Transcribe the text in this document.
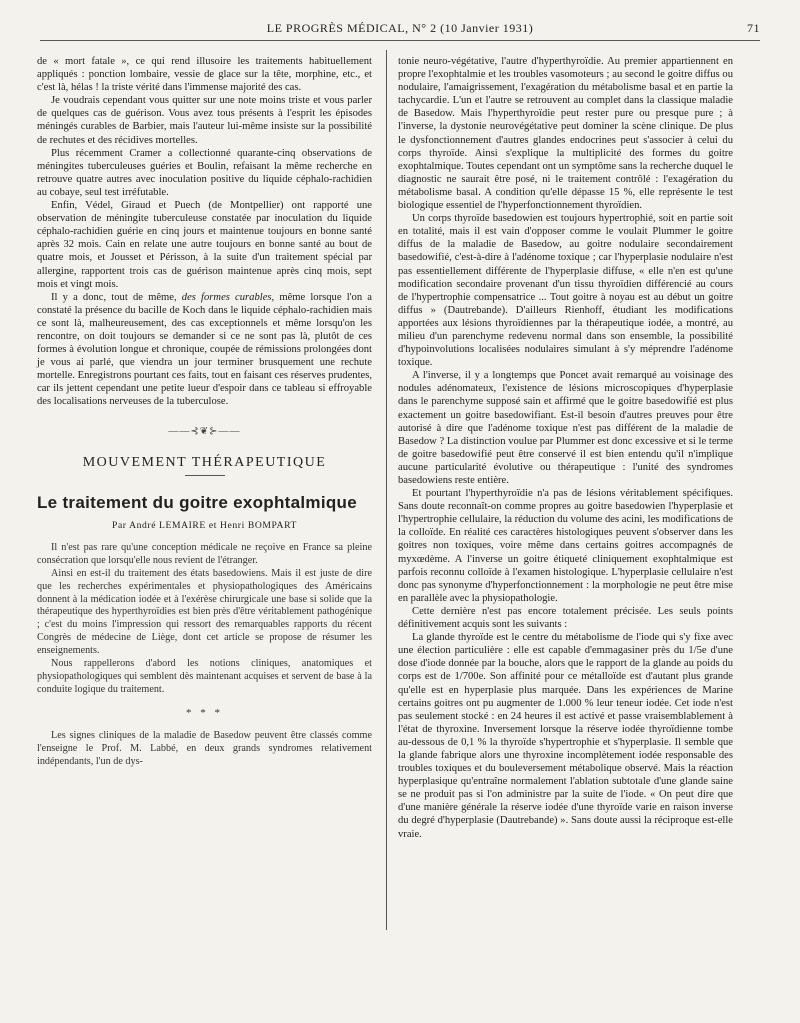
LE PROGRÈS MÉDICAL, N° 2 (10 Janvier 1931)	71

de « mort fatale », ce qui rend illusoire les traitements habituellement appliqués : ponction lombaire, vessie de glace sur la tête, morphine, etc., et c'est là, hélas ! la triste vérité dans l'immense majorité des cas.

Je voudrais cependant vous quitter sur une note moins triste et vous parler de quelques cas de guérison. Vous avez tous présents à l'esprit les épisodes méningés curables de Barbier, mais l'auteur lui-même insiste sur la possibilité de rechutes et des récidives mortelles.

Plus récemment Cramer a collectionné quarante-cinq observations de méningites tuberculeuses guéries et Boulin, refaisant la même recherche en retrouve quatre autres avec inoculation positive du liquide céphalo-rachidien au cobaye, seul test irréfutable.

Enfin, Védel, Giraud et Puech (de Montpellier) ont rapporté une observation de méningite tuberculeuse constatée par inoculation du liquide céphalo-rachidien guérie en cinq jours et maintenue toujours en bonne santé après 32 mois. Cain en relate une autre toujours en bonne santé au bout de quatre mois, et Jousset et Périsson, à la suite d'un traitement spécial par allergine, rapportent trois cas de guérison maintenue après cinq mois, sept mois et vingt mois.

Il y a donc, tout de même, des formes curables, même lorsque l'on a constaté la présence du bacille de Koch dans le liquide céphalo-rachidien mais ce sont là, malheureusement, des cas exceptionnels et même lorsqu'on les rencontre, on doit toujours se demander si ce ne sont pas là, plutôt de ces formes à évolution longue et chronique, coupée de rémissions prolongées dont je vous ai parlé, que viendra un jour terminer brusquement une rechute mortelle. Enregistrons pourtant ces faits, tout en faisant ces réserves prudentes, car ils jettent cependant une petite lueur d'espoir dans ce tableau si effroyable des localisations nerveuses de la tuberculose.

——⊰❦⊱——
MOUVEMENT THÉRAPEUTIQUE
Le traitement du goitre exophtalmique
Par André LEMAIRE et Henri BOMPART

Il n'est pas rare qu'une conception médicale ne reçoive en France sa pleine consécration que lorsqu'elle nous revient de l'étranger.

Ainsi en est-il du traitement des états basedowiens. Mais il est juste de dire que les recherches expérimentales et physiopathologiques des Américains donnent à la médication iodée et à l'exérèse chirurgicale une base si solide que la thérapeutique des hyperthyroïdies est bien près d'être véritablement pathogénique ; c'est du moins l'impression qui ressort des remarquables rapports du récent Congrès de médecine de Liège, dont cet article se propose de résumer les enseignements.

Nous rappellerons d'abord les notions cliniques, anatomiques et physiopathologiques qui semblent dès maintenant acquises et servent de base à la conduite logique du traitement.

* * *

Les signes cliniques de la maladie de Basedow peuvent être classés comme l'enseigne le Prof. M. Labbé, en deux grands syndromes relativement indépendants, l'un de dys-

tonie neuro-végétative, l'autre d'hyperthyroïdie. Au premier appartiennent en propre l'exophtalmie et les troubles vasomoteurs ; au second le goitre diffus ou nodulaire, l'amaigrissement, l'exagération du métabolisme basal et en partie la tachycardie. L'un et l'autre se retrouvent au complet dans la classique maladie de Basedow. Mais l'hyperthyroïdie peut rester pure ou presque pure ; à l'inverse, la dystonie neurovégétative peut dominer la scène clinique. De plus le dysfonctionnement d'autres glandes endocrines peut s'associer à celui du corps thyroïde. Ainsi s'explique la multiplicité des formes du goitre exophtalmique. Toutes cependant ont un symptôme sans la recherche duquel le diagnostic ne saurait être posé, ni le traitement contrôlé : l'exagération du métabolisme basal. A condition qu'elle dépasse 15 %, elle représente le test biologique essentiel de l'hyperfonctionnement thyroïdien.

Un corps thyroïde basedowien est toujours hypertrophié, soit en partie soit en totalité, mais il est vain d'opposer comme le voulait Plummer le goitre diffus de la maladie de Basedow, au goitre nodulaire secondairement basedowifié, c'est-à-dire à l'adénome toxique ; car l'hyperplasie nodulaire n'est pas essentiellement différente de l'hyperplasie diffuse, « elle n'en est qu'une modification secondaire provenant d'un tissu thyroïdien différencié au cours de l'hypertrophie compensatrice ... Tout goitre à noyau est au début un goitre diffus » (Dautrebande). D'ailleurs Rienhoff, étudiant les modifications apportées aux lésions thyroïdiennes par la thérapeutique iodée, a montré, au milieu d'un parenchyme redevenu normal dans son ensemble, la possibilité d'hypoinvolutions localisées nodulaires simulant à s'y méprendre l'adénome toxique.

A l'inverse, il y a longtemps que Poncet avait remarqué au voisinage des nodules adénomateux, l'existence de lésions microscopiques d'hyperplasie dans le parenchyme supposé sain et affirmé que le goitre basedowifié est plus exactement un goitre basedowifiant. Est-il besoin d'autres preuves pour être autorisé à dire que l'adénome toxique n'est pas différent de la maladie de Basedow ? La distinction voulue par Plummer est donc excessive et si le terme de goitre basedowifié peut être conservé il est bien entendu qu'il n'implique aucune particularité évolutive ou thérapeutique : l'unité des syndromes basedowiens reste entière.

Et pourtant l'hyperthyroïdie n'a pas de lésions véritablement spécifiques. Sans doute reconnaît-on comme propres au goitre basedowien l'hyperplasie et l'hypertrophie cellulaire, la réduction du volume des acini, les modifications de la colloïde. En réalité ces caractères histologiques peuvent s'observer dans les goitres non toxiques, voire même dans certains goitres accompagnés de myxœdème. A l'inverse un goitre étiqueté cliniquement exophtalmique est parfois reconnu colloïde à l'examen histologique. L'hyperplasie cellulaire n'est donc pas synonyme d'hyperfonctionnement : la morphologie ne peut être mise en parallèle avec la physiopathologie.

Cette dernière n'est pas encore totalement précisée. Les seuls points définitivement acquis sont les suivants :

La glande thyroïde est le centre du métabolisme de l'iode qui s'y fixe avec une élection particulière : elle est capable d'emmagasiner près du 1/5e d'une dose d'iode donnée par la bouche, alors que le rapport de la glande au poids du corps est de 1/700e. Son affinité pour ce métalloïde est d'autant plus grande qu'elle est en hyperplasie plus marquée. Dans les expériences de Marine certains goitres ont pu augmenter de 1.000 % leur teneur iodée. Cet iode n'est pas seulement stocké : en 24 heures il est activé et passe vraisemblablement à l'état de thyroxine. Inversement lorsque la réserve iodée thyroïdienne tombe au-dessous de 0,1 % la thyroïde s'hypertrophie et s'hyperplasie. Il semble que la glande fabrique alors une thyroxine incomplètement iodée responsable des troubles toxiques et du bouleversement métabolique observé. Mais la réaction hyperplasique qu'entraîne normalement l'ablation subtotale d'une glande saine se ne produit pas si l'on administre par la suite de l'iode. « On peut dire que d'une manière générale la réserve iodée d'une thyroïde varie en raison inverse du degré d'hyperplasie (Dautrebande) ». Sans doute aussi la réciproque est-elle vraie.
